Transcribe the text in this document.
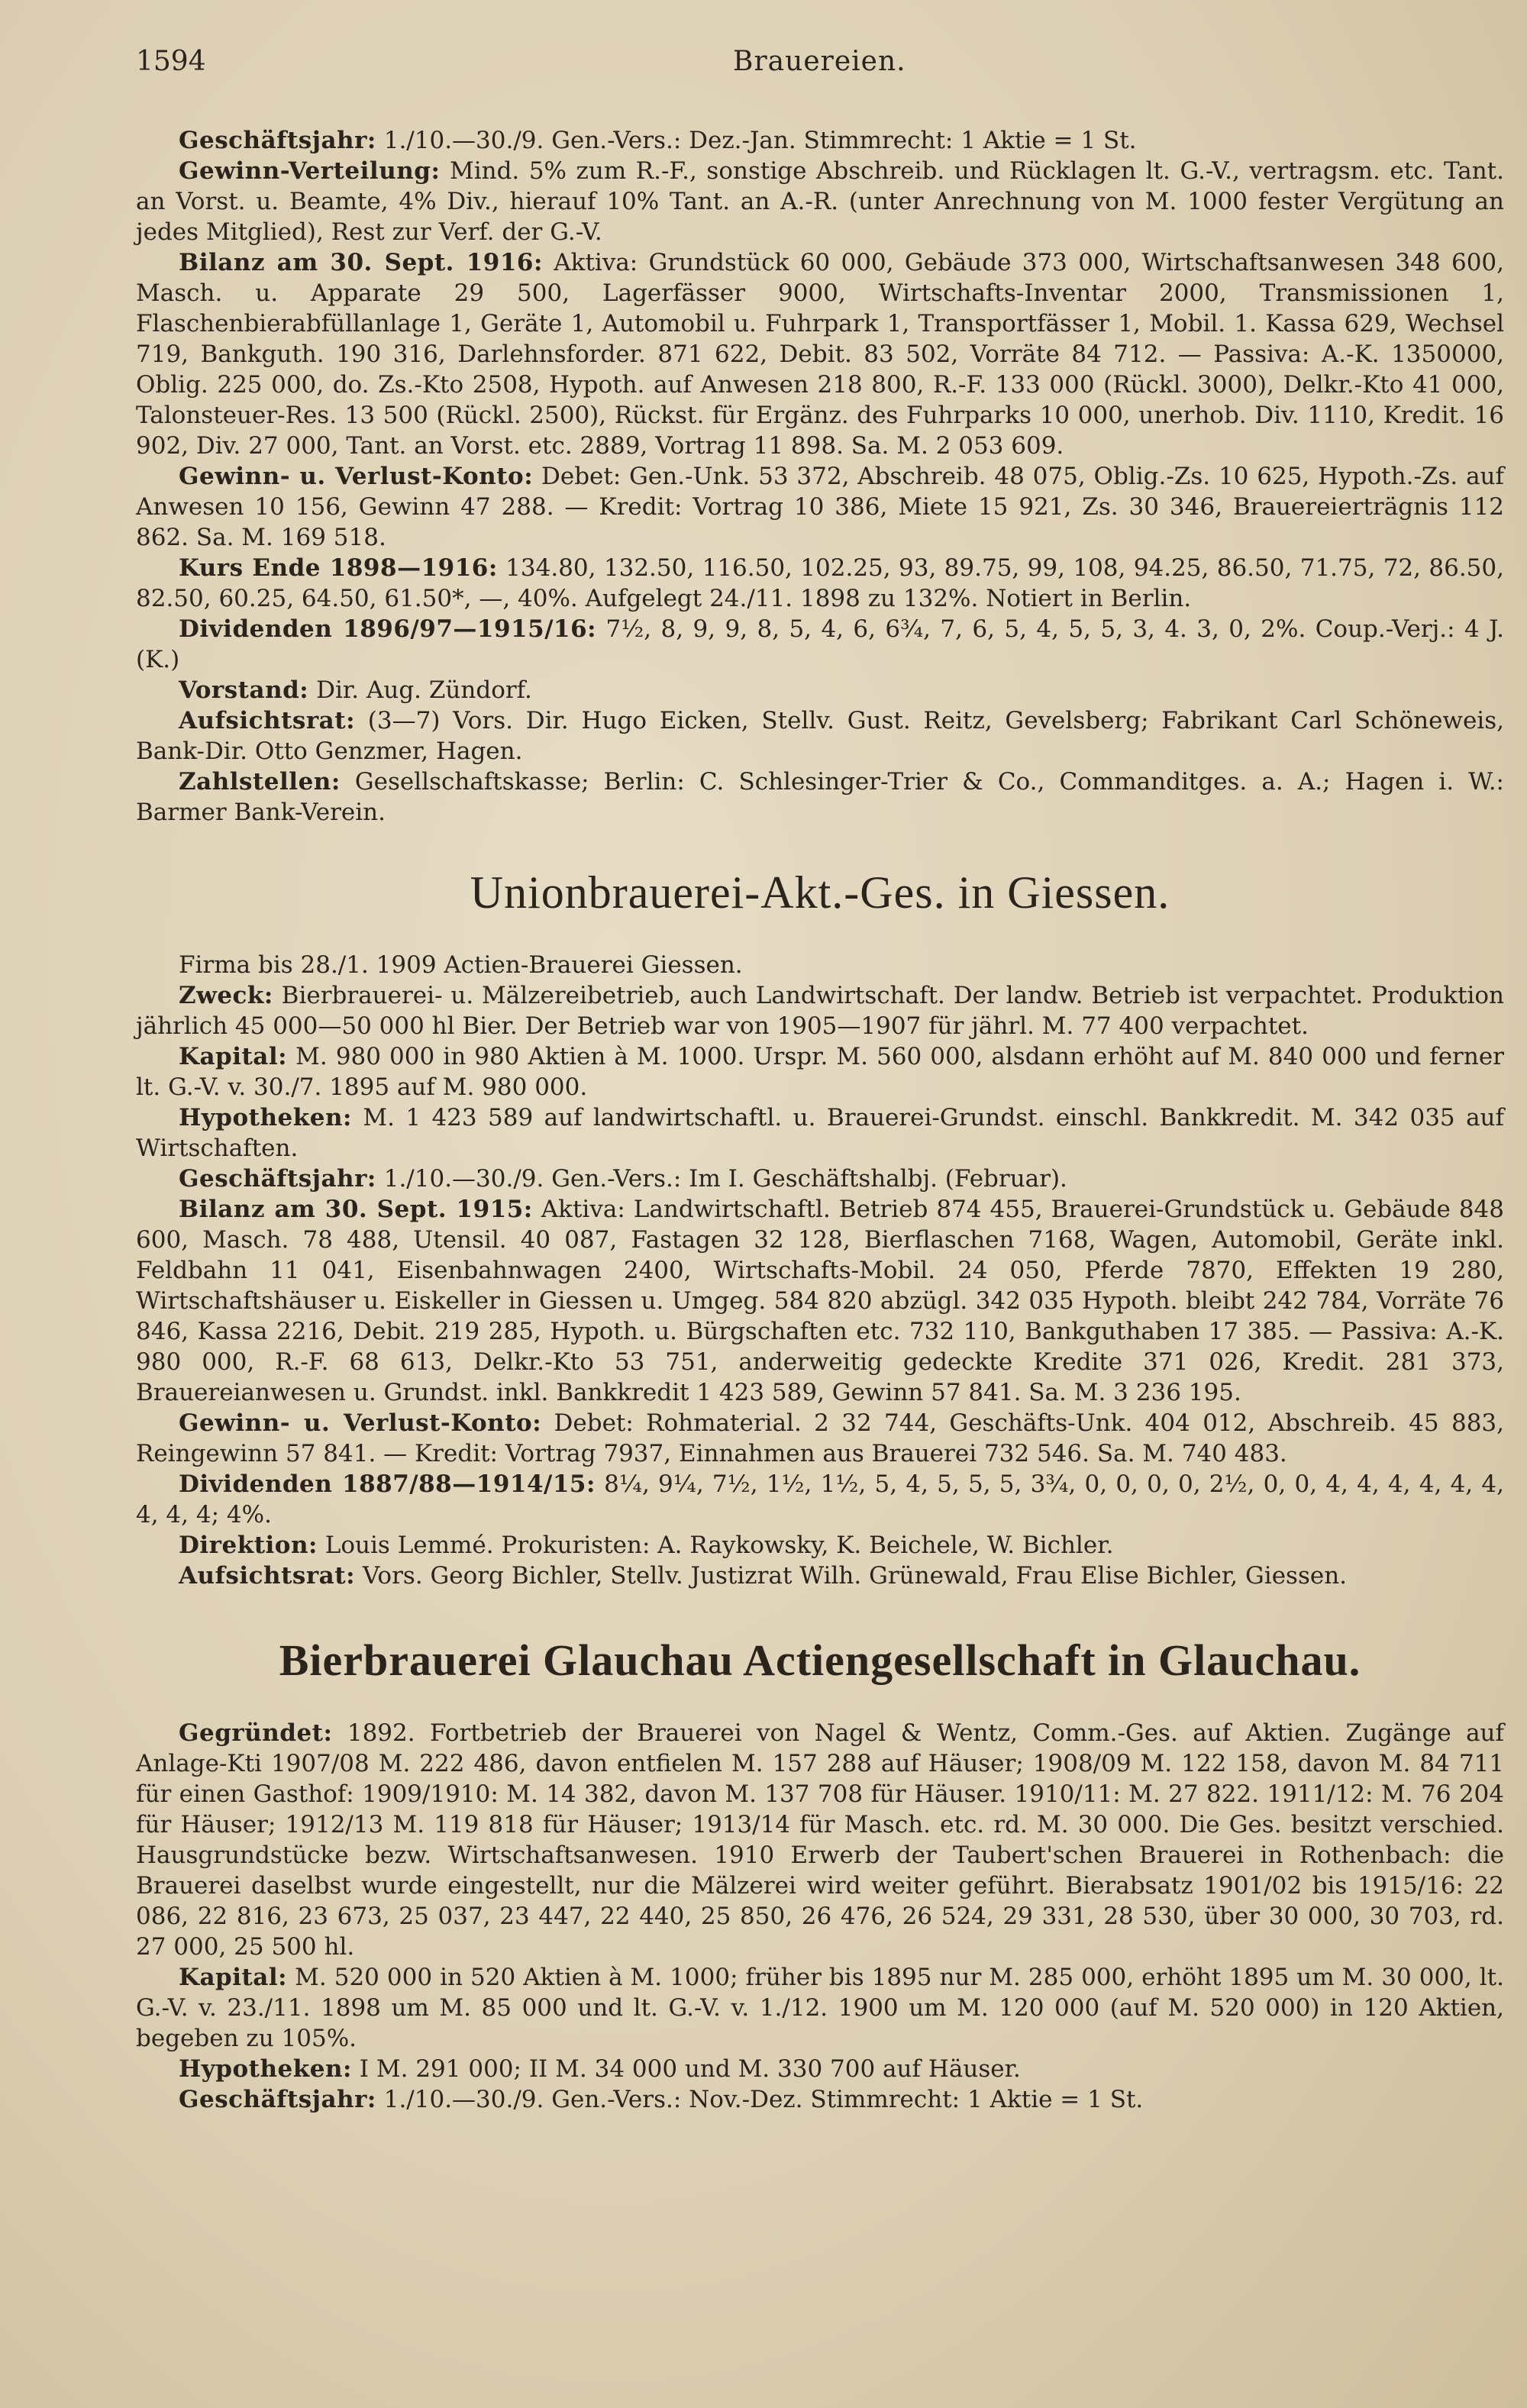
1594	Brauereien.

Geschäftsjahr: 1./10.—30./9. Gen.-Vers.: Dez.-Jan. Stimmrecht: 1 Aktie = 1 St.

Gewinn-Verteilung: Mind. 5% zum R.-F., sonstige Abschreib. und Rücklagen lt. G.-V., vertragsm. etc. Tant. an Vorst. u. Beamte, 4% Div., hierauf 10% Tant. an A.-R. (unter Anrechnung von M. 1000 fester Vergütung an jedes Mitglied), Rest zur Verf. der G.-V.

Bilanz am 30. Sept. 1916: Aktiva: Grundstück 60 000, Gebäude 373 000, Wirtschaftsanwesen 348 600, Masch. u. Apparate 29 500, Lagerfässer 9000, Wirtschafts-Inventar 2000, Transmissionen 1, Flaschenbierabfüllanlage 1, Geräte 1, Automobil u. Fuhrpark 1, Transportfässer 1, Mobil. 1. Kassa 629, Wechsel 719, Bankguth. 190 316, Darlehnsforder. 871 622, Debit. 83 502, Vorräte 84 712. — Passiva: A.-K. 1350000, Oblig. 225 000, do. Zs.-Kto 2508, Hypoth. auf Anwesen 218 800, R.-F. 133 000 (Rückl. 3000), Delkr.-Kto 41 000, Talonsteuer-Res. 13 500 (Rückl. 2500), Rückst. für Ergänz. des Fuhrparks 10 000, unerhob. Div. 1110, Kredit. 16 902, Div. 27 000, Tant. an Vorst. etc. 2889, Vortrag 11 898. Sa. M. 2 053 609.

Gewinn- u. Verlust-Konto: Debet: Gen.-Unk. 53 372, Abschreib. 48 075, Oblig.-Zs. 10 625, Hypoth.-Zs. auf Anwesen 10 156, Gewinn 47 288. — Kredit: Vortrag 10 386, Miete 15 921, Zs. 30 346, Brauereierträgnis 112 862. Sa. M. 169 518.

Kurs Ende 1898—1916: 134.80, 132.50, 116.50, 102.25, 93, 89.75, 99, 108, 94.25, 86.50, 71.75, 72, 86.50, 82.50, 60.25, 64.50, 61.50*, —, 40%. Aufgelegt 24./11. 1898 zu 132%. Notiert in Berlin.

Dividenden 1896/97—1915/16: 7½, 8, 9, 9, 8, 5, 4, 6, 6¾, 7, 6, 5, 4, 5, 5, 3, 4. 3, 0, 2%. Coup.-Verj.: 4 J. (K.)

Vorstand: Dir. Aug. Zündorf.

Aufsichtsrat: (3—7) Vors. Dir. Hugo Eicken, Stellv. Gust. Reitz, Gevelsberg; Fabrikant Carl Schöneweis, Bank-Dir. Otto Genzmer, Hagen.

Zahlstellen: Gesellschaftskasse; Berlin: C. Schlesinger-Trier & Co., Commanditges. a. A.; Hagen i. W.: Barmer Bank-Verein.

Unionbrauerei-Akt.-Ges. in Giessen.

Firma bis 28./1. 1909 Actien-Brauerei Giessen.

Zweck: Bierbrauerei- u. Mälzereibetrieb, auch Landwirtschaft. Der landw. Betrieb ist verpachtet. Produktion jährlich 45 000—50 000 hl Bier. Der Betrieb war von 1905—1907 für jährl. M. 77 400 verpachtet.

Kapital: M. 980 000 in 980 Aktien à M. 1000. Urspr. M. 560 000, alsdann erhöht auf M. 840 000 und ferner lt. G.-V. v. 30./7. 1895 auf M. 980 000.

Hypotheken: M. 1 423 589 auf landwirtschaftl. u. Brauerei-Grundst. einschl. Bankkredit. M. 342 035 auf Wirtschaften.

Geschäftsjahr: 1./10.—30./9. Gen.-Vers.: Im I. Geschäftshalbj. (Februar).

Bilanz am 30. Sept. 1915: Aktiva: Landwirtschaftl. Betrieb 874 455, Brauerei-Grundstück u. Gebäude 848 600, Masch. 78 488, Utensil. 40 087, Fastagen 32 128, Bierflaschen 7168, Wagen, Automobil, Geräte inkl. Feldbahn 11 041, Eisenbahnwagen 2400, Wirtschafts-Mobil. 24 050, Pferde 7870, Effekten 19 280, Wirtschaftshäuser u. Eiskeller in Giessen u. Umgeg. 584 820 abzügl. 342 035 Hypoth. bleibt 242 784, Vorräte 76 846, Kassa 2216, Debit. 219 285, Hypoth. u. Bürgschaften etc. 732 110, Bankguthaben 17 385. — Passiva: A.-K. 980 000, R.-F. 68 613, Delkr.-Kto 53 751, anderweitig gedeckte Kredite 371 026, Kredit. 281 373, Brauereianwesen u. Grundst. inkl. Bankkredit 1 423 589, Gewinn 57 841. Sa. M. 3 236 195.

Gewinn- u. Verlust-Konto: Debet: Rohmaterial. 2 32 744, Geschäfts-Unk. 404 012, Abschreib. 45 883, Reingewinn 57 841. — Kredit: Vortrag 7937, Einnahmen aus Brauerei 732 546. Sa. M. 740 483.

Dividenden 1887/88—1914/15: 8¼, 9¼, 7½, 1½, 1½, 5, 4, 5, 5, 5, 3¾, 0, 0, 0, 0, 2½, 0, 0, 4, 4, 4, 4, 4, 4, 4, 4, 4; 4%.

Direktion: Louis Lemmé. Prokuristen: A. Raykowsky, K. Beichele, W. Bichler.

Aufsichtsrat: Vors. Georg Bichler, Stellv. Justizrat Wilh. Grünewald, Frau Elise Bichler, Giessen.

Bierbrauerei Glauchau Actiengesellschaft in Glauchau.

Gegründet: 1892. Fortbetrieb der Brauerei von Nagel & Wentz, Comm.-Ges. auf Aktien. Zugänge auf Anlage-Kti 1907/08 M. 222 486, davon entfielen M. 157 288 auf Häuser; 1908/09 M. 122 158, davon M. 84 711 für einen Gasthof: 1909/1910: M. 14 382, davon M. 137 708 für Häuser. 1910/11: M. 27 822. 1911/12: M. 76 204 für Häuser; 1912/13 M. 119 818 für Häuser; 1913/14 für Masch. etc. rd. M. 30 000. Die Ges. besitzt verschied. Hausgrundstücke bezw. Wirtschaftsanwesen. 1910 Erwerb der Taubert'schen Brauerei in Rothenbach: die Brauerei daselbst wurde eingestellt, nur die Mälzerei wird weiter geführt. Bierabsatz 1901/02 bis 1915/16: 22 086, 22 816, 23 673, 25 037, 23 447, 22 440, 25 850, 26 476, 26 524, 29 331, 28 530, über 30 000, 30 703, rd. 27 000, 25 500 hl.

Kapital: M. 520 000 in 520 Aktien à M. 1000; früher bis 1895 nur M. 285 000, erhöht 1895 um M. 30 000, lt. G.-V. v. 23./11. 1898 um M. 85 000 und lt. G.-V. v. 1./12. 1900 um M. 120 000 (auf M. 520 000) in 120 Aktien, begeben zu 105%.

Hypotheken: I M. 291 000; II M. 34 000 und M. 330 700 auf Häuser.

Geschäftsjahr: 1./10.—30./9. Gen.-Vers.: Nov.-Dez. Stimmrecht: 1 Aktie = 1 St.
